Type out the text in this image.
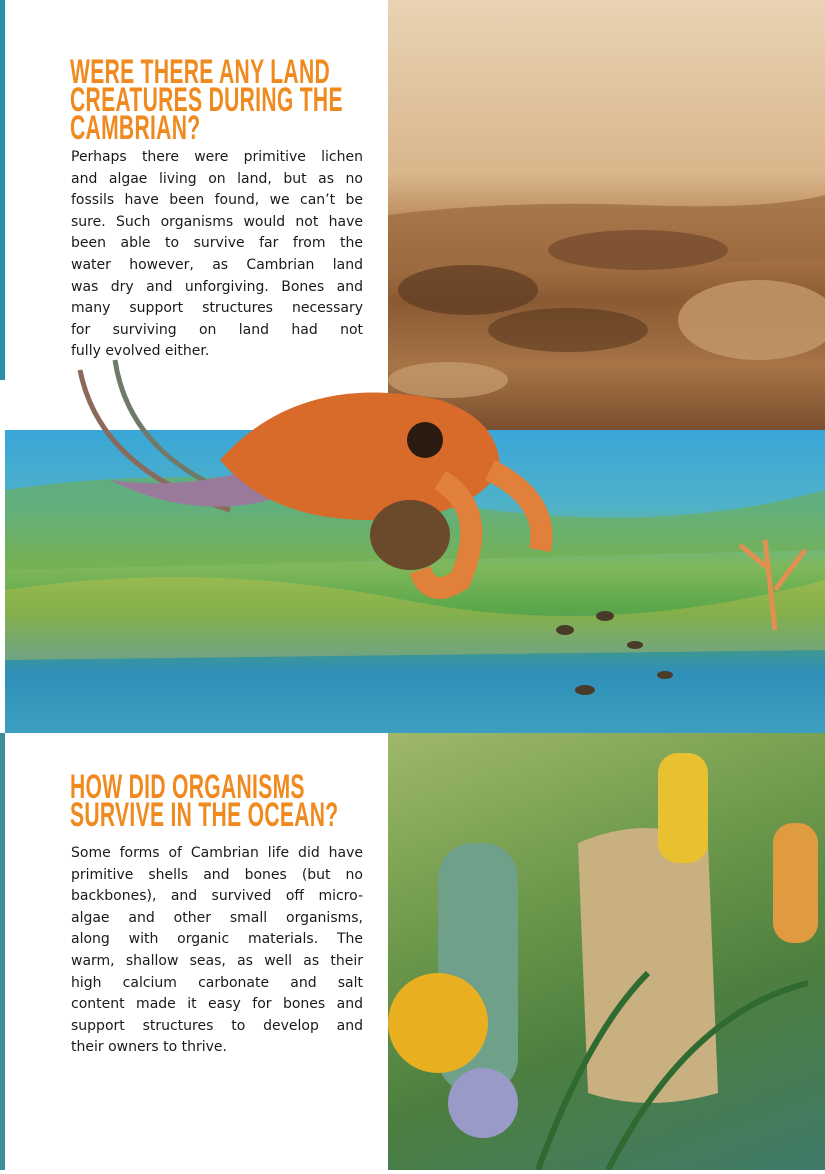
WERE THERE ANY LAND
CREATURES DURING THE
CAMBRIAN?
Perhaps there were primitive lichen
and algae living on land, but as no
fossils have been found, we can’t be
sure. Such organisms would not have
been able to survive far from the
water however, as Cambrian land
was dry and unforgiving. Bones and
many support structures necessary
for surviving on land had not
fully evolved either.
HOW DID ORGANISMS
SURVIVE IN THE OCEAN?
Some forms of Cambrian life did have
primitive shells and bones (but no
backbones), and survived off micro-
algae and other small organisms,
along with organic materials. The
warm, shallow seas, as well as their
high calcium carbonate and salt
content made it easy for bones and
support structures to develop and
their owners to thrive.
